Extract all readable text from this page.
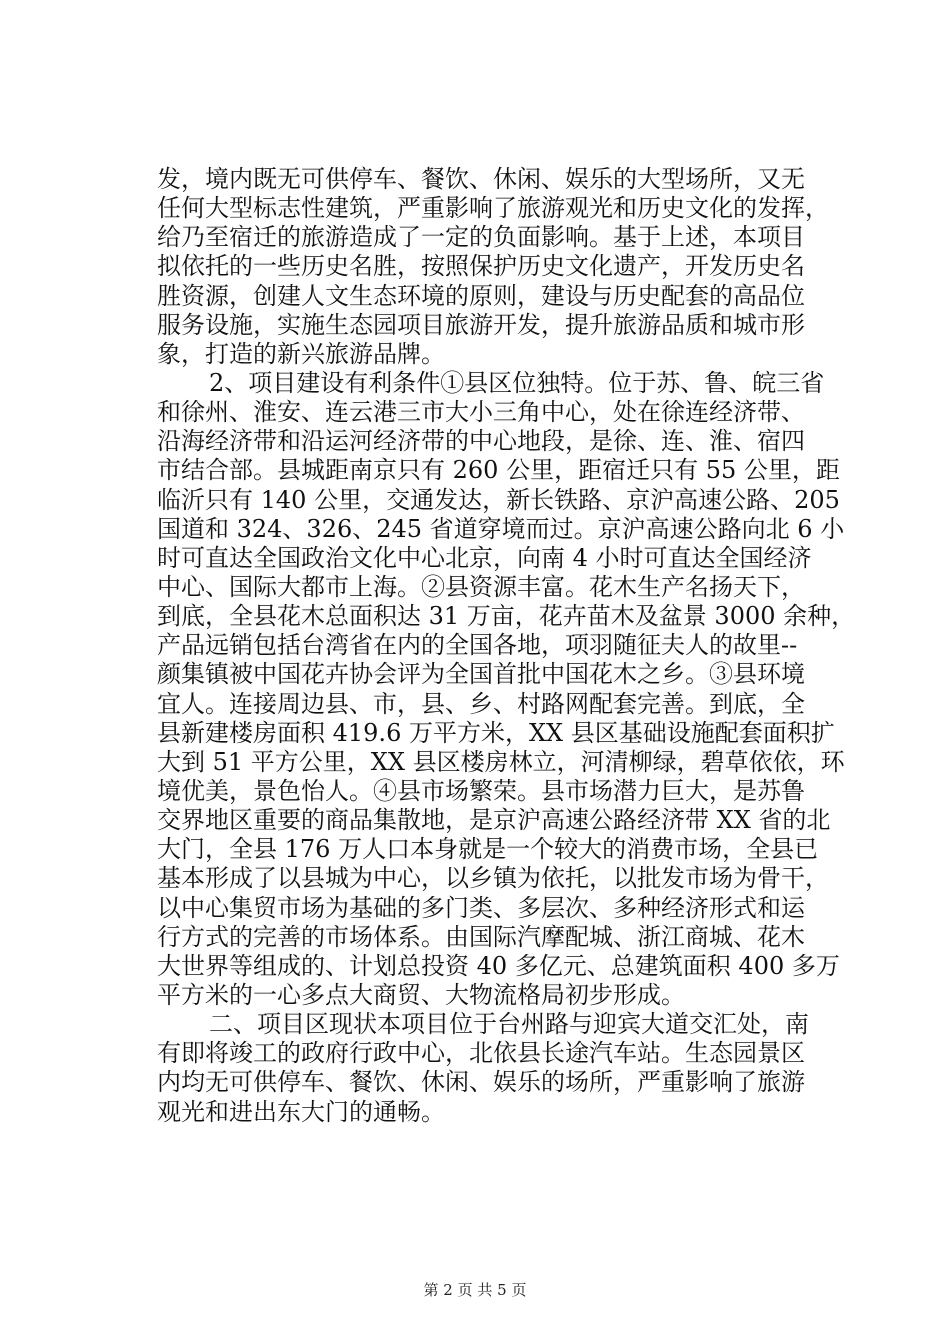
发，境内既无可供停车、餐饮、休闲、娱乐的大型场所，又无
任何大型标志性建筑，严重影响了旅游观光和历史文化的发挥，
给乃至宿迁的旅游造成了一定的负面影响。基于上述，本项目
拟依托的一些历史名胜，按照保护历史文化遗产，开发历史名
胜资源，创建人文生态环境的原则，建设与历史配套的高品位
服务设施，实施生态园项目旅游开发，提升旅游品质和城市形
象，打造的新兴旅游品牌。
2、项目建设有利条件①县区位独特。位于苏、鲁、皖三省
和徐州、淮安、连云港三市大小三角中心，处在徐连经济带、
沿海经济带和沿运河经济带的中心地段，是徐、连、淮、宿四
市结合部。县城距南京只有 260 公里，距宿迁只有 55 公里，距
临沂只有 140 公里，交通发达，新长铁路、京沪高速公路、205
国道和 324、326、245 省道穿境而过。京沪高速公路向北 6 小
时可直达全国政治文化中心北京，向南 4 小时可直达全国经济
中心、国际大都市上海。②县资源丰富。花木生产名扬天下，
到底，全县花木总面积达 31 万亩，花卉苗木及盆景 3000 余种，
产品远销包括台湾省在内的全国各地，项羽随征夫人的故里--
颜集镇被中国花卉协会评为全国首批中国花木之乡。③县环境
宜人。连接周边县、市，县、乡、村路网配套完善。到底，全
县新建楼房面积 419.6 万平方米，XX 县区基础设施配套面积扩
大到 51 平方公里，XX 县区楼房林立，河清柳绿，碧草依依，环
境优美，景色怡人。④县市场繁荣。县市场潜力巨大，是苏鲁
交界地区重要的商品集散地，是京沪高速公路经济带 XX 省的北
大门，全县 176 万人口本身就是一个较大的消费市场，全县已
基本形成了以县城为中心，以乡镇为依托，以批发市场为骨干，
以中心集贸市场为基础的多门类、多层次、多种经济形式和运
行方式的完善的市场体系。由国际汽摩配城、浙江商城、花木
大世界等组成的、计划总投资 40 多亿元、总建筑面积 400 多万
平方米的一心多点大商贸、大物流格局初步形成。
二、项目区现状本项目位于台州路与迎宾大道交汇处，南
有即将竣工的政府行政中心，北依县长途汽车站。生态园景区
内均无可供停车、餐饮、休闲、娱乐的场所，严重影响了旅游
观光和进出东大门的通畅。
第 2 页 共 5 页
